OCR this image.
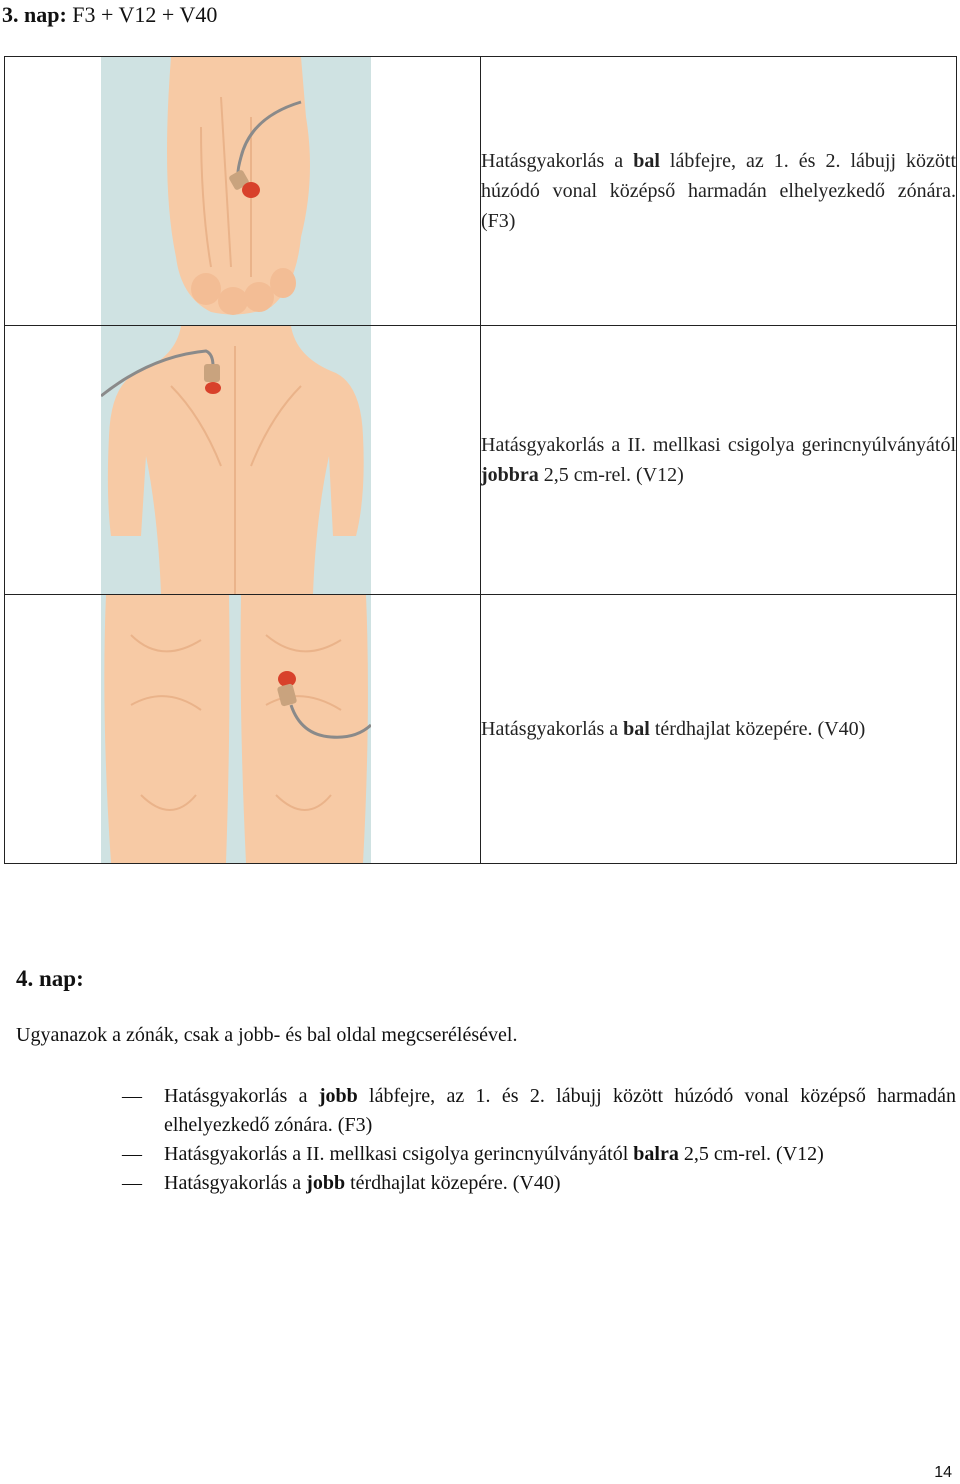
3. nap: F3 + V12 + V40

Hatásgyakorlás a bal lábfejre, az 1. és 2. lábujj között húzódó vonal középső harmadán elhelyezkedő zónára. (F3)

Hatásgyakorlás a II. mellkasi csigolya gerincnyúlványától jobbra 2,5 cm-rel. (V12)

Hatásgyakorlás a bal térdhajlat közepére. (V40)
4. nap:
Ugyanazok a zónák, csak a jobb- és bal oldal megcserélésével.
— Hatásgyakorlás a jobb lábfejre, az 1. és 2. lábujj között húzódó vonal középső harmadán elhelyezkedő zónára. (F3)
— Hatásgyakorlás a II. mellkasi csigolya gerincnyúlványától balra 2,5 cm-rel. (V12)
— Hatásgyakorlás a jobb térdhajlat közepére. (V40)
14
